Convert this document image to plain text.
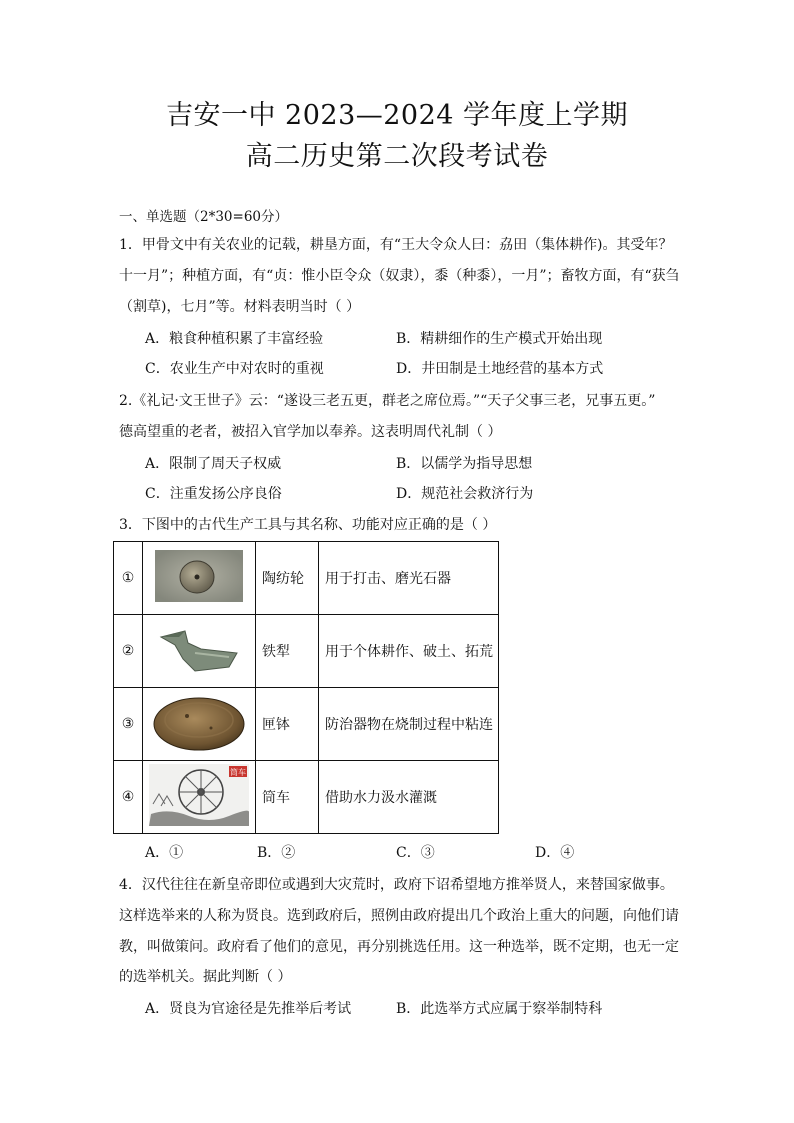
吉安一中 2023—2024 学年度上学期
高二历史第二次段考试卷
一、单选题（2*30=60分）
1．甲骨文中有关农业的记载，耕垦方面，有“王大令众人曰：劦田（集体耕作)。其受年？
十一月”；种植方面，有“贞：惟小臣令众（奴隶），黍（种黍），一月”；畜牧方面，有“获刍
（割草)，七月”等。材料表明当时（ ）
A．粮食种植积累了丰富经验	B．精耕细作的生产模式开始出现
C．农业生产中对农时的重视	D．井田制是土地经营的基本方式
2.《礼记·文王世子》云：“遂设三老五更，群老之席位焉。”“天子父事三老，兄事五更。”
德高望重的老者，被招入官学加以奉养。这表明周代礼制（ ）
A．限制了周天子权威	B．以儒学为指导思想
C．注重发扬公序良俗	D．规范社会救济行为
3．下图中的古代生产工具与其名称、功能对应正确的是（ ）
①		陶纺轮	用于打击、磨光石器
②		铁犁	用于个体耕作、破土、拓荒
③		匣钵	防治器物在烧制过程中粘连
④	筒车	筒车	借助水力汲水灌溉
A．①	B．②	C．③	D．④
4．汉代往往在新皇帝即位或遇到大灾荒时，政府下诏希望地方推举贤人，来替国家做事。
这样选举来的人称为贤良。选到政府后，照例由政府提出几个政治上重大的问题，向他们请
教，叫做策问。政府看了他们的意见，再分别挑选任用。这一种选举，既不定期，也无一定
的选举机关。据此判断（ ）
A．贤良为官途径是先推举后考试	B．此选举方式应属于察举制特科
